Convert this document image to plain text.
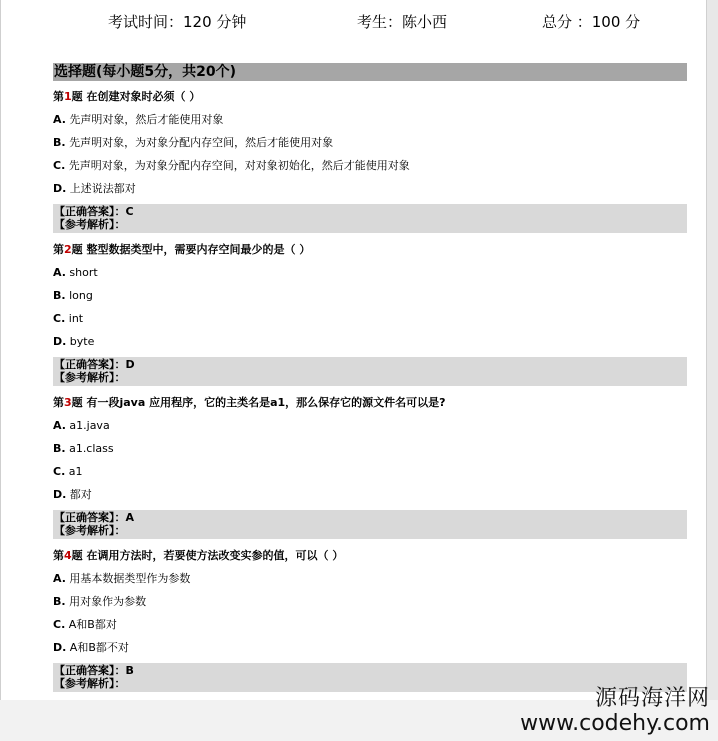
考试时间：120 分钟	考生：陈小西	总分 ：100 分
选择题(每小题5分，共20个)
第1题 在创建对象时必须（ ）
A. 先声明对象，然后才能使用对象
B. 先声明对象，为对象分配内存空间，然后才能使用对象
C. 先声明对象，为对象分配内存空间，对对象初始化，然后才能使用对象
D. 上述说法都对
【正确答案】：C
【参考解析】：
第2题 整型数据类型中，需要内存空间最少的是（ ）
A. short
B. long
C. int
D. byte
【正确答案】：D
【参考解析】：
第3题 有一段java 应用程序，它的主类名是a1，那么保存它的源文件名可以是?
A. a1.java
B. a1.class
C. a1
D. 都对
【正确答案】：A
【参考解析】：
第4题 在调用方法时，若要使方法改变实参的值，可以（ ）
A. 用基本数据类型作为参数
B. 用对象作为参数
C. A和B都对
D. A和B都不对
【正确答案】：B
【参考解析】：
源码海洋网
www.codehy.com
